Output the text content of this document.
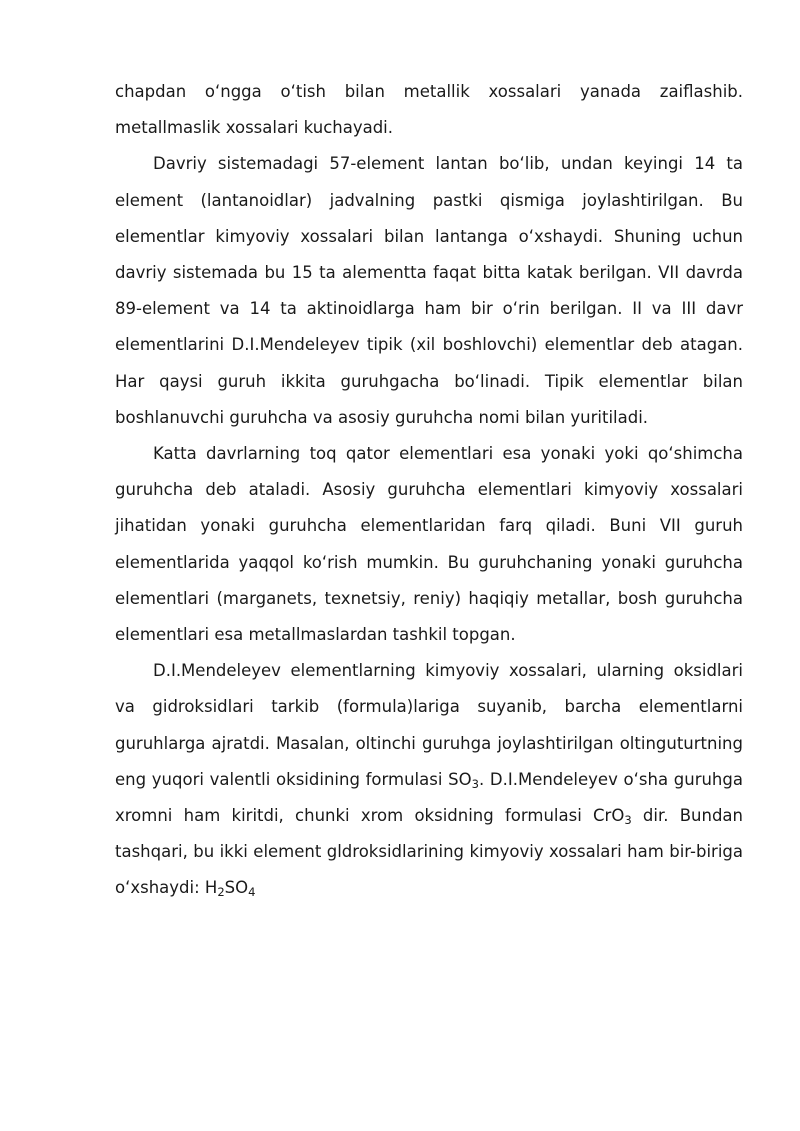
chapdan oʻngga oʻtish bilan metallik xossalari yanada zaiflashib. metallmaslik xossalari kuchayadi.

Davriy sistemadagi 57-element lantan boʻlib, undan keyingi 14 ta element (lantanoidlar) jadvalning pastki qismiga joylashtirilgan. Bu elementlar kimyoviy xossalari bilan lantanga oʻxshaydi. Shuning uchun davriy sistemada bu 15 ta alementta faqat bitta katak berilgan. VII davrda 89-element va 14 ta aktinoidlarga ham bir oʻrin berilgan. II va III davr elementlarini D.I.Mendeleyev tipik (xil boshlovchi) elementlar deb atagan. Har qaysi guruh ikkita guruhgacha boʻlinadi. Tipik elementlar bilan boshlanuvchi guruhcha va asosiy guruhcha nomi bilan yuritiladi.

Katta davrlarning toq qator elementlari esa yonaki yoki qoʻshimcha guruhcha deb ataladi. Asosiy guruhcha elementlari kimyoviy xossalari jihatidan yonaki guruhcha elementlaridan farq qiladi. Buni VII guruh elementlarida yaqqol koʻrish mumkin. Bu guruhchaning yonaki guruhcha elementlari (marganets, texnetsiy, reniy) haqiqiy metallar, bosh guruhcha elementlari esa metallmaslardan tashkil topgan.

D.I.Mendeleyev elementlarning kimyoviy xossalari, ularning oksidlari va gidroksidlari tarkib (formula)lariga suyanib, barcha elementlarni guruhlarga ajratdi. Masalan, oltinchi guruhga joylashtirilgan oltinguturtning eng yuqori valentli oksidining formulasi $SO_3$. D.I.Mendeleyev oʻsha guruhga xromni ham kiritdi, chunki xrom oksidning formulasi CrO$_3$ dir. Bundan tashqari, bu ikki element gldroksidlarining kimyoviy xossalari ham bir-biriga oʻxshaydi: $H_2SO_4$
